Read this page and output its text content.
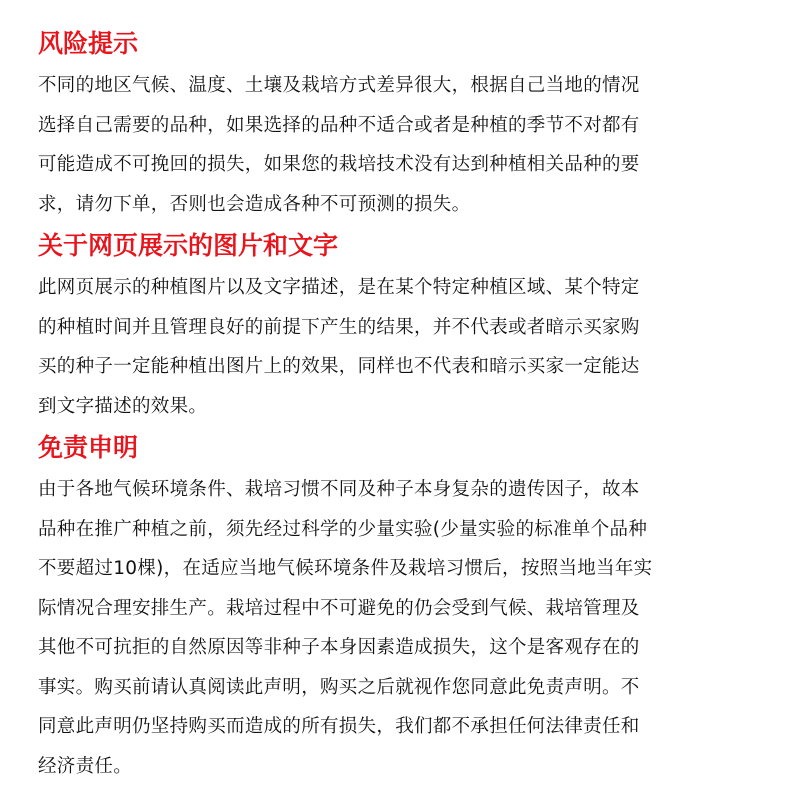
风险提示
不同的地区气候、温度、土壤及栽培方式差异很大，根据自己当地的情况
选择自己需要的品种，如果选择的品种不适合或者是种植的季节不对都有
可能造成不可挽回的损失，如果您的栽培技术没有达到种植相关品种的要
求，请勿下单，否则也会造成各种不可预测的损失。
关于网页展示的图片和文字
此网页展示的种植图片以及文字描述，是在某个特定种植区域、某个特定
的种植时间并且管理良好的前提下产生的结果，并不代表或者暗示买家购
买的种子一定能种植出图片上的效果，同样也不代表和暗示买家一定能达
到文字描述的效果。
免责申明
由于各地气候环境条件、栽培习惯不同及种子本身复杂的遗传因子，故本
品种在推广种植之前，须先经过科学的少量实验(少量实验的标准单个品种
不要超过10棵)，在适应当地气候环境条件及栽培习惯后，按照当地当年实
际情况合理安排生产。栽培过程中不可避免的仍会受到气候、栽培管理及
其他不可抗拒的自然原因等非种子本身因素造成损失，这个是客观存在的
事实。购买前请认真阅读此声明，购买之后就视作您同意此免责声明。不
同意此声明仍坚持购买而造成的所有损失，我们都不承担任何法律责任和
经济责任。
